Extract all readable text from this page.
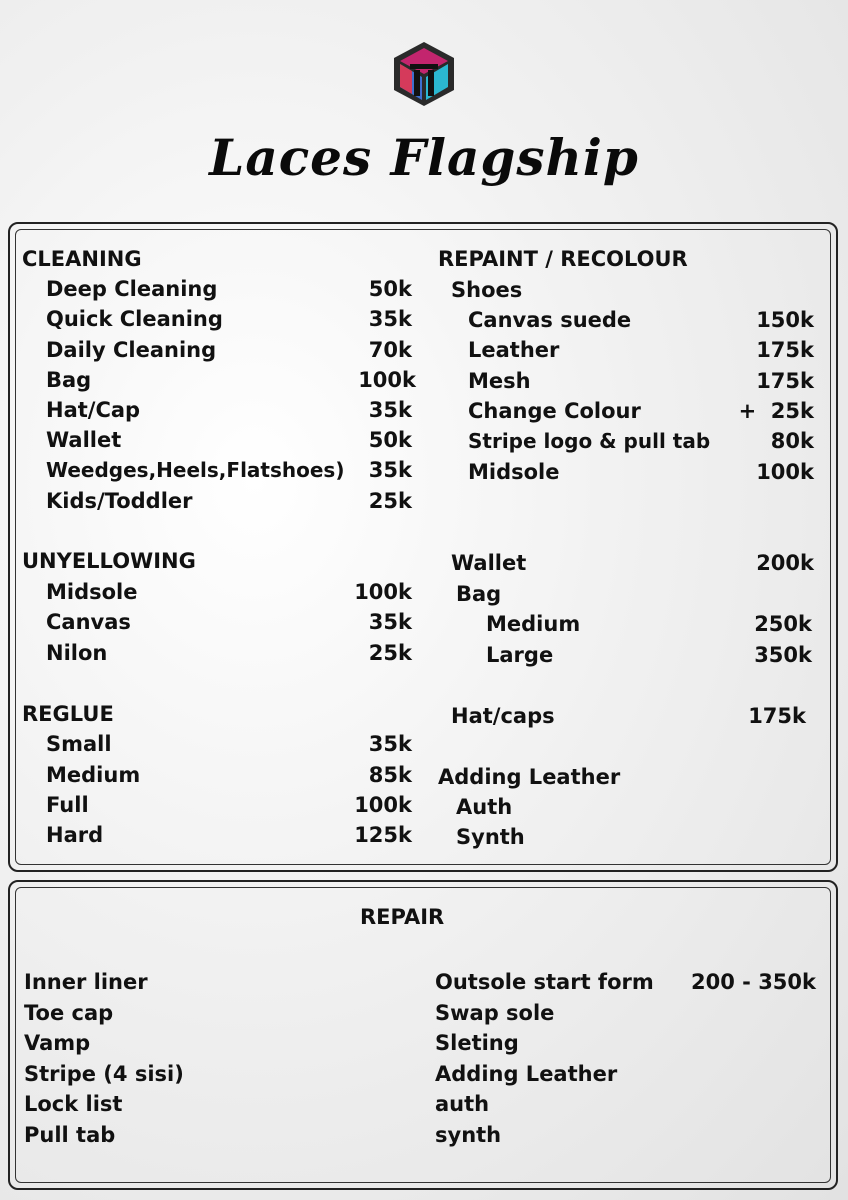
Laces Flagship
CLEANING
Deep Cleaning	50k
Quick Cleaning	35k
Daily Cleaning	70k
Bag	100k
Hat/Cap	35k
Wallet	50k
Weedges,Heels,Flatshoes)	35k
Kids/Toddler	25k
UNYELLOWING
Midsole	100k
Canvas	35k
Nilon	25k
REGLUE
Small	35k
Medium	85k
Full	100k
Hard	125k
REPAINT / RECOLOUR
Shoes
Canvas suede	150k
Leather	175k
Mesh	175k
Change Colour	+  25k
Stripe logo & pull tab	80k
Midsole	100k
Wallet	200k
Bag
Medium	250k
Large	350k
Hat/caps	175k
Adding Leather
Auth
Synth
REPAIR
Inner liner
Toe cap
Vamp
Stripe (4 sisi)
Lock list
Pull tab
Outsole start form	200 - 350k
Swap sole
Sleting
Adding Leather
auth
synth
